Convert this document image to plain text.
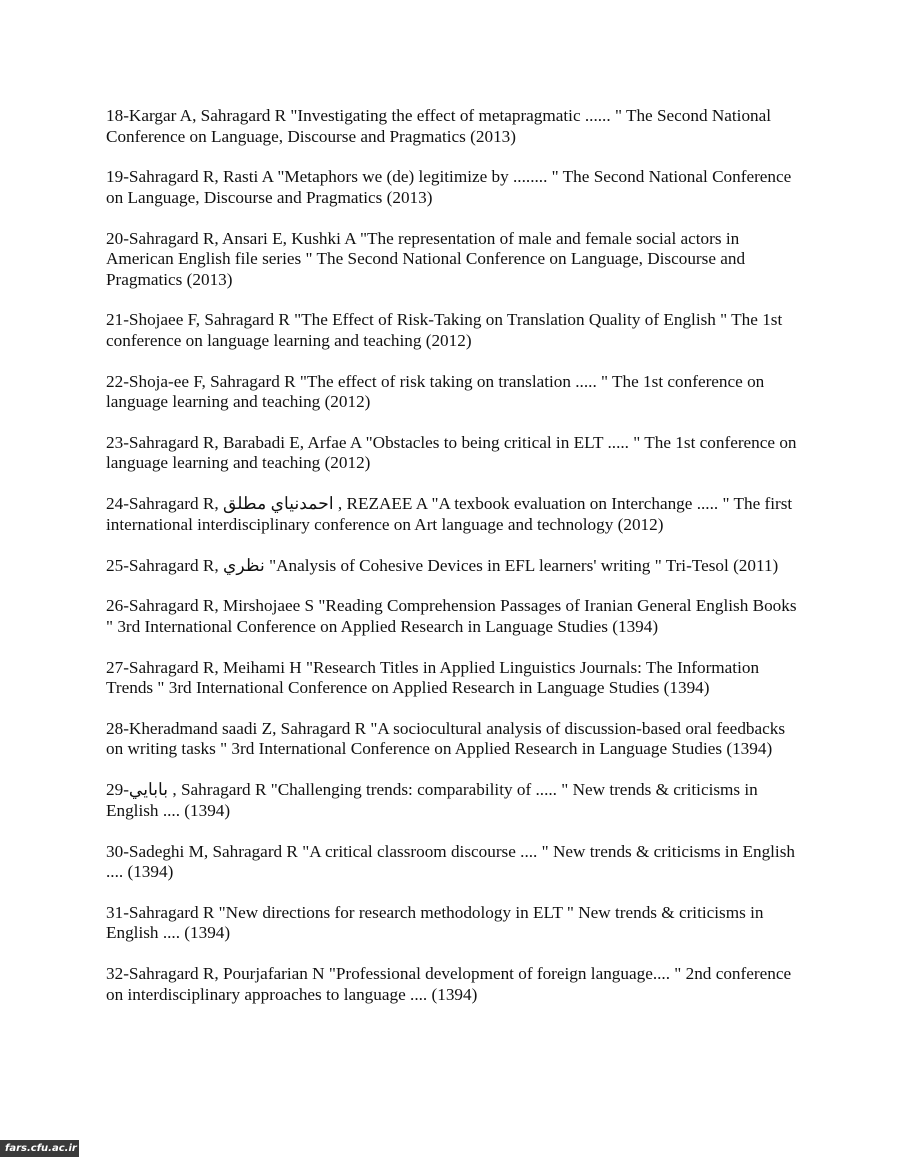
18-Kargar A, Sahragard R "Investigating the effect of metapragmatic ...... " The Second National Conference on Language, Discourse and Pragmatics (2013)

19-Sahragard R, Rasti A "Metaphors we (de) legitimize by ........ " The Second National Conference on Language, Discourse and Pragmatics (2013)

20-Sahragard R, Ansari E, Kushki A "The representation of male and female social actors in American English file series " The Second National Conference on Language, Discourse and Pragmatics (2013)

21-Shojaee F, Sahragard R "The Effect of Risk-Taking on Translation Quality of English " The 1st conference on language learning and teaching (2012)

22-Shoja-ee F, Sahragard R "The effect of risk taking on translation ..... " The 1st conference on language learning and teaching (2012)

23-Sahragard R, Barabadi E, Arfae A "Obstacles to being critical in ELT ..... " The 1st conference on language learning and teaching (2012)

24-Sahragard R, احمدنياي مطلق , REZAEE A "A texbook evaluation on Interchange ..... " The first international interdisciplinary conference on Art language and technology (2012)

25-Sahragard R, نظري "Analysis of Cohesive Devices in EFL learners' writing " Tri-Tesol (2011)

26-Sahragard R, Mirshojaee S "Reading Comprehension Passages of Iranian General English Books " 3rd International Conference on Applied Research in Language Studies (1394)

27-Sahragard R, Meihami H "Research Titles in Applied Linguistics Journals: The Information Trends " 3rd International Conference on Applied Research in Language Studies (1394)

28-Kheradmand saadi Z, Sahragard R "A sociocultural analysis of discussion-based oral feedbacks on writing tasks " 3rd International Conference on Applied Research in Language Studies (1394)

29-بابايي , Sahragard R "Challenging trends: comparability of ..... " New trends & criticisms in English .... (1394)

30-Sadeghi M, Sahragard R "A critical classroom discourse .... " New trends & criticisms in English .... (1394)

31-Sahragard R "New directions for research methodology in ELT " New trends & criticisms in English .... (1394)

32-Sahragard R, Pourjafarian N "Professional development of foreign language.... " 2nd conference on interdisciplinary approaches to language .... (1394)

fars.cfu.ac.ir
